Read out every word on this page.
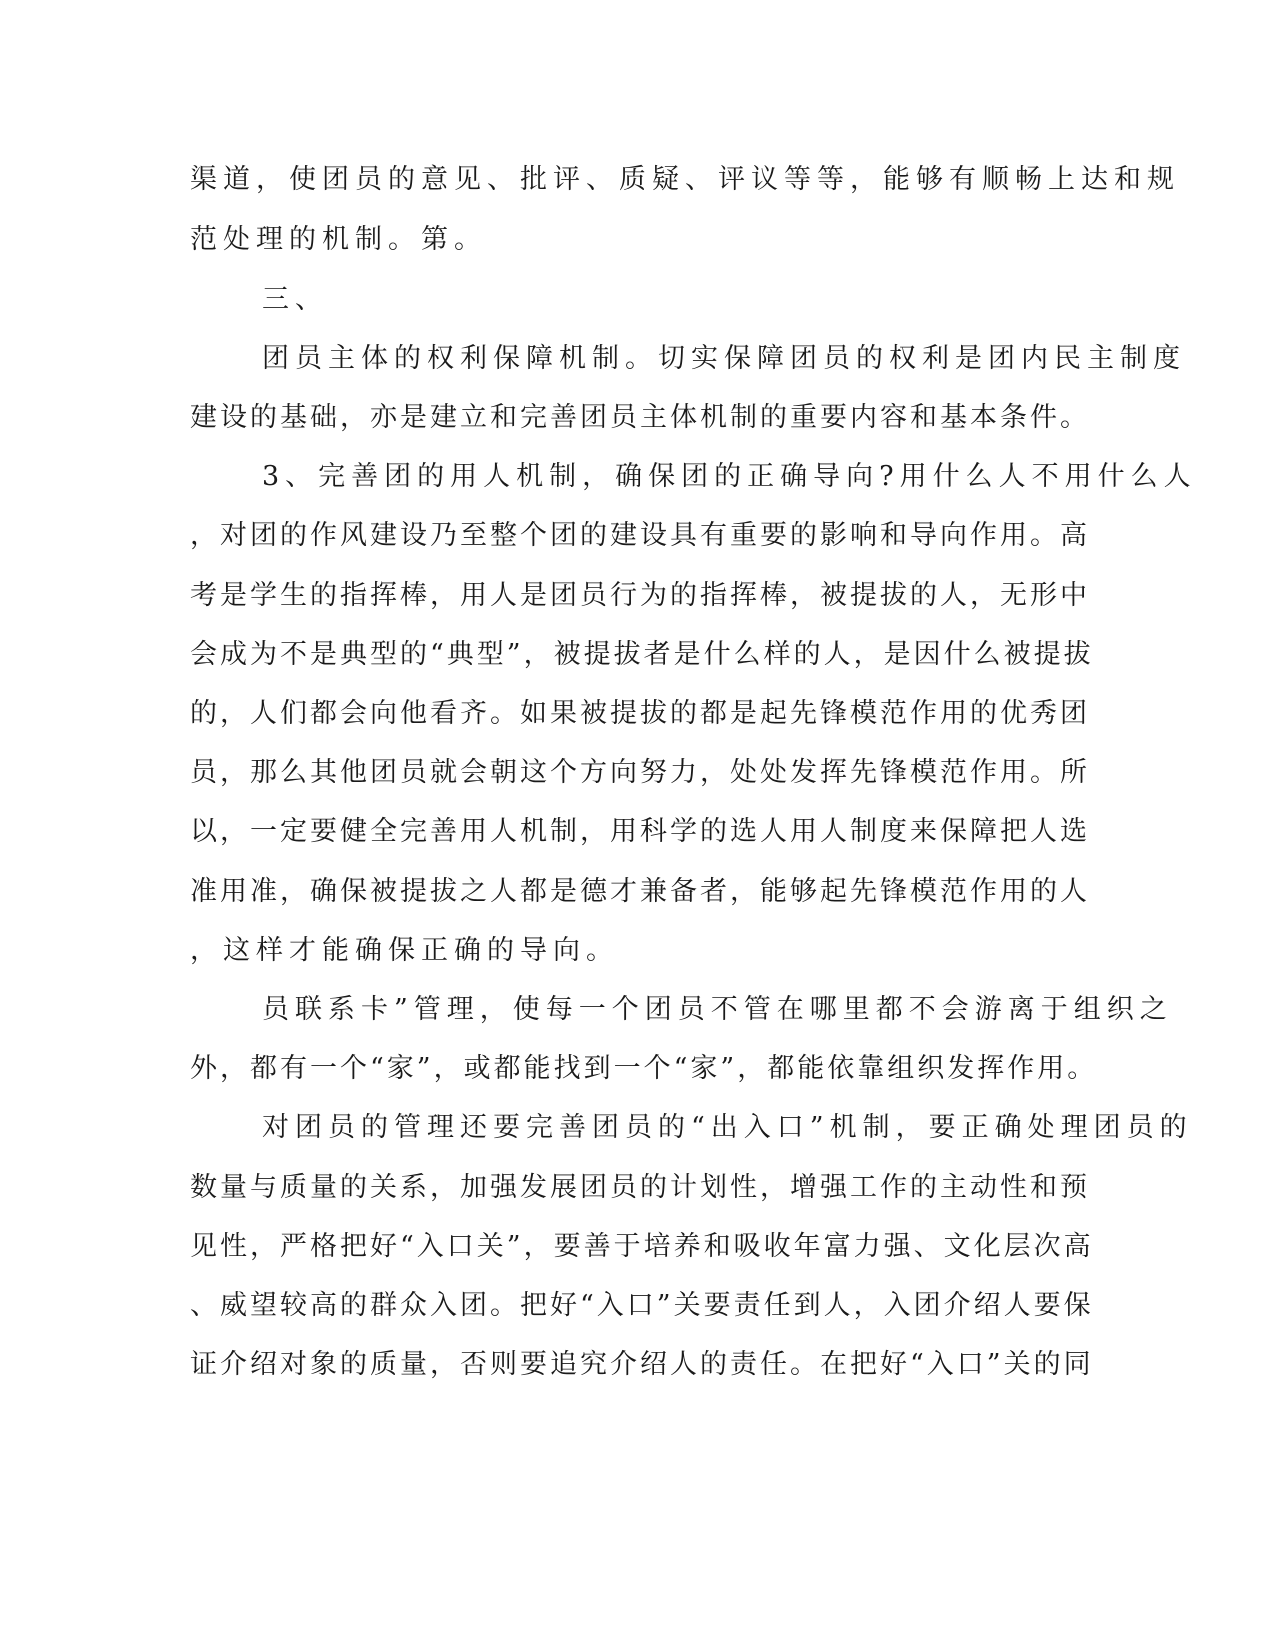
渠道，使团员的意见、批评、质疑、评议等等，能够有顺畅上达和规

范处理的机制。第。

三、

团员主体的权利保障机制。切实保障团员的权利是团内民主制度

建设的基础，亦是建立和完善团员主体机制的重要内容和基本条件。

3、完善团的用人机制，确保团的正确导向?用什么人不用什么人

，对团的作风建设乃至整个团的建设具有重要的影响和导向作用。高

考是学生的指挥棒，用人是团员行为的指挥棒，被提拔的人，无形中

会成为不是典型的“典型”，被提拔者是什么样的人，是因什么被提拔

的，人们都会向他看齐。如果被提拔的都是起先锋模范作用的优秀团

员，那么其他团员就会朝这个方向努力，处处发挥先锋模范作用。所

以，一定要健全完善用人机制，用科学的选人用人制度来保障把人选

准用准，确保被提拔之人都是德才兼备者，能够起先锋模范作用的人

，这样才能确保正确的导向。

员联系卡”管理，使每一个团员不管在哪里都不会游离于组织之

外，都有一个“家”，或都能找到一个“家”，都能依靠组织发挥作用。

对团员的管理还要完善团员的“出入口”机制，要正确处理团员的

数量与质量的关系，加强发展团员的计划性，增强工作的主动性和预

见性，严格把好“入口关”，要善于培养和吸收年富力强、文化层次高

、威望较高的群众入团。把好“入口”关要责任到人，入团介绍人要保

证介绍对象的质量，否则要追究介绍人的责任。在把好“入口”关的同
